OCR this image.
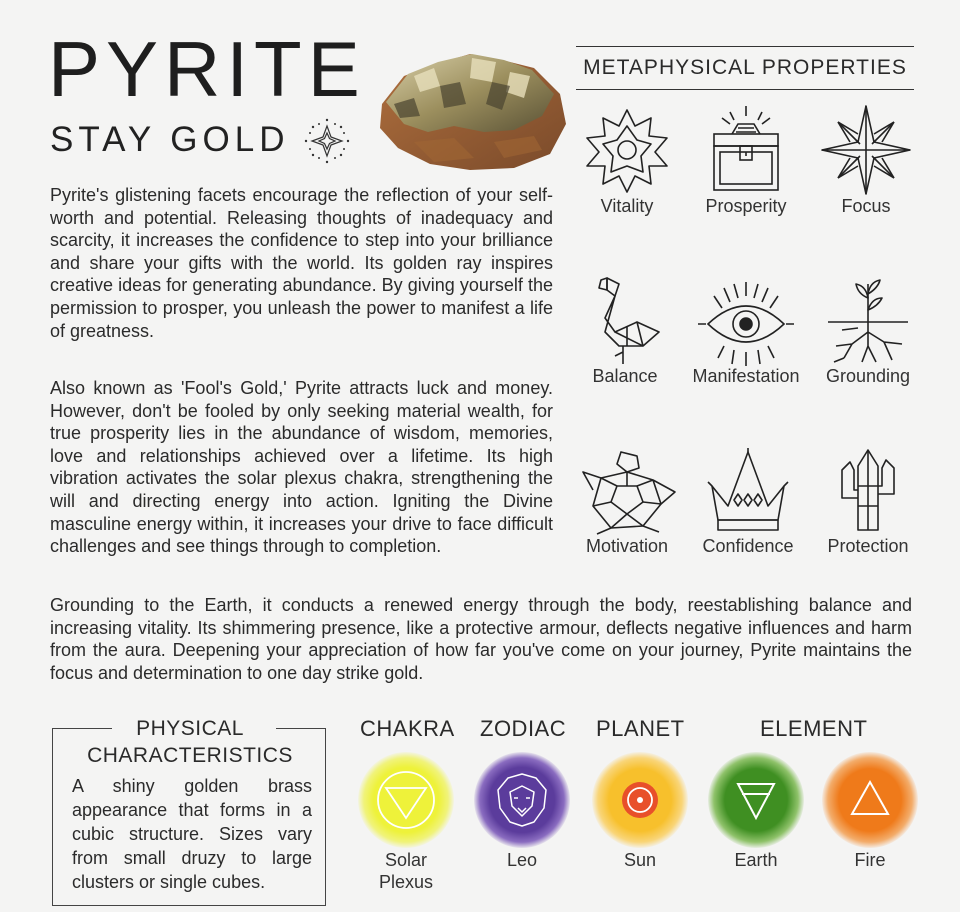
PYRITE
STAY GOLD

Pyrite's glistening facets encourage the reflection of your self-worth and potential. Releasing thoughts of inadequacy and scarcity, it increases the confidence to step into your brilliance and share your gifts with the world. Its golden ray inspires creative ideas for generating abundance. By giving yourself the permission to prosper, you unleash the power to manifest a life of greatness.

Also known as 'Fool's Gold,' Pyrite attracts luck and money. However, don't be fooled by only seeking material wealth, for true prosperity lies in the abundance of wisdom, memories, love and relationships achieved over a lifetime. Its high vibration activates the solar plexus chakra, strengthening the will and directing energy into action. Igniting the Divine masculine energy within, it increases your drive to face difficult challenges and see things through to completion.

Grounding to the Earth, it conducts a renewed energy through the body, reestablishing balance and increasing vitality. Its shimmering presence, like a protective armour, deflects negative influences and harm from the aura. Deepening your appreciation of how far you've come on your journey, Pyrite maintains the focus and determination to one day strike gold.

METAPHYSICAL PROPERTIES
Vitality	Prosperity	Focus
Balance	Manifestation	Grounding
Motivation	Confidence	Protection
PHYSICAL
CHARACTERISTICS

A shiny golden brass appearance that forms in a cubic structure. Sizes vary from small druzy to large clusters or single cubes.

CHAKRA ZODIAC PLANET	ELEMENT
Solar
Plexus
Leo	Sun	Earth	Fire
